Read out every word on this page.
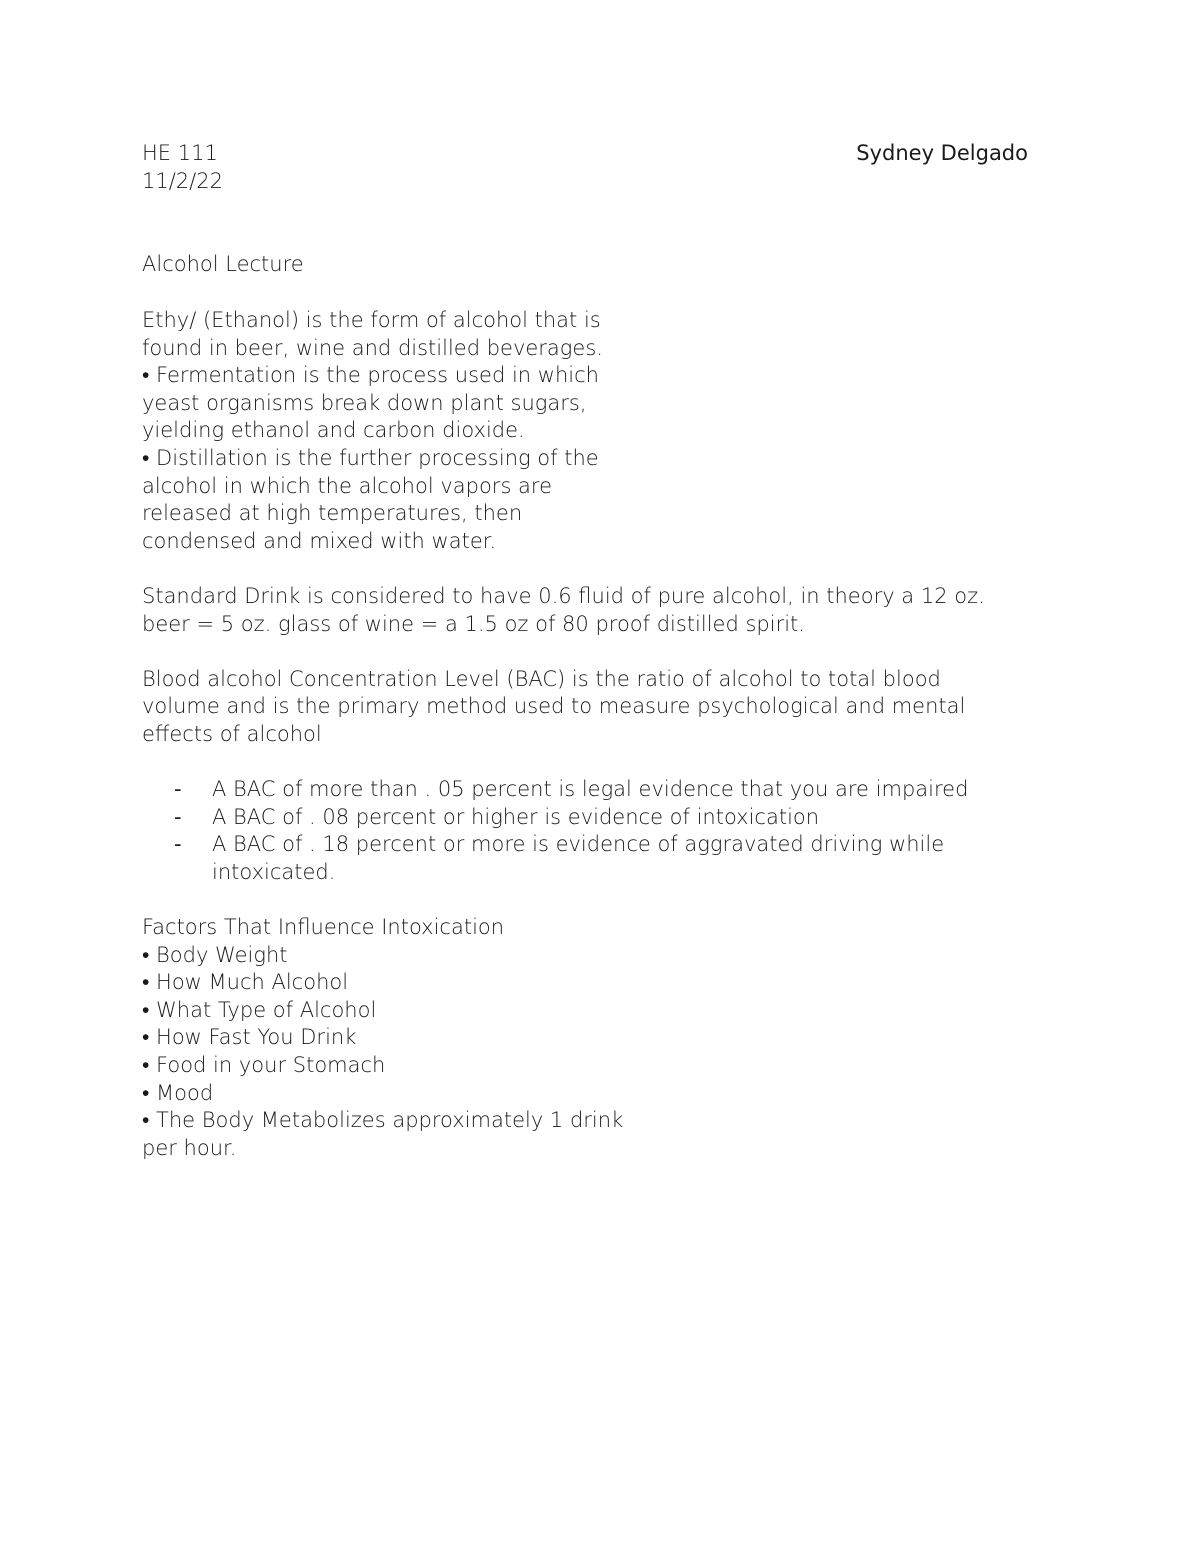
HE 111	Sydney Delgado
11/2/22
Alcohol Lecture
Ethy/ (Ethanol) is the form of alcohol that is
found in beer, wine and distilled beverages.
• Fermentation is the process used in which
yeast organisms break down plant sugars,
yielding ethanol and carbon dioxide.
• Distillation is the further processing of the
alcohol in which the alcohol vapors are
released at high temperatures, then
condensed and mixed with water.
Standard Drink is considered to have 0.6 fluid of pure alcohol, in theory a 12 oz.
beer = 5 oz. glass of wine = a 1.5 oz of 80 proof distilled spirit.
Blood alcohol Concentration Level (BAC) is the ratio of alcohol to total blood
volume and is the primary method used to measure psychological and mental
effects of alcohol
- A BAC of more than . 05 percent is legal evidence that you are impaired
- A BAC of . 08 percent or higher is evidence of intoxication
- A BAC of . 18 percent or more is evidence of aggravated driving while
intoxicated.
Factors That Influence Intoxication
• Body Weight
• How Much Alcohol
• What Type of Alcohol
• How Fast You Drink
• Food in your Stomach
• Mood
• The Body Metabolizes approximately 1 drink
per hour.
